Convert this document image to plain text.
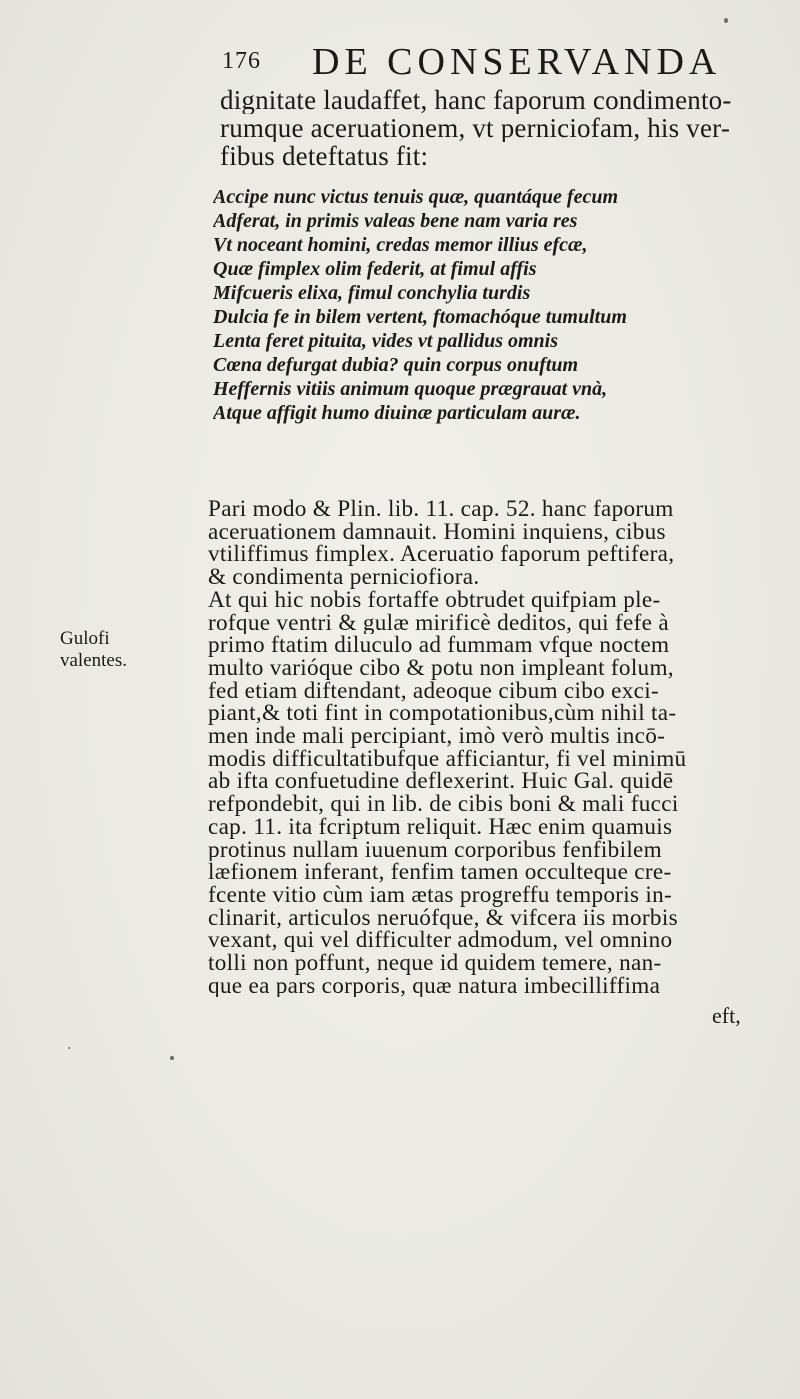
176 DE CONSERVANDA
dignitate laudaffet, hanc faporum condimento-
rumque aceruationem, vt perniciofam, his ver-
fibus deteftatus fit:
Accipe nunc victus tenuis quæ, quantáque fecum
Adferat, in primis valeas bene nam varia res
Vt noceant homini, credas memor illius efcæ,
Quæ fimplex olim federit, at fimul affis
Mifcueris elixa, fimul conchylia turdis
Dulcia fe in bilem vertent, ftomachóque tumultum
Lenta feret pituita, vides vt pallidus omnis
Cœna defurgat dubia? quin corpus onuftum
Heffernis vitiis animum quoque prægrauat vnà,
Atque affigit humo diuinæ particulam auræ.
Gulofi
valentes.
Pari modo & Plin. lib. 11. cap. 52. hanc faporum
aceruationem damnauit. Homini inquiens, cibus
vtiliffimus fimplex. Aceruatio faporum peftifera,
& condimenta perniciofiora.
At qui hic nobis fortaffe obtrudet quifpiam ple-
rofque ventri & gulæ mirificè deditos, qui fefe à
primo ftatim diluculo ad fummam vfque noctem
multo varióque cibo & potu non impleant folum,
fed etiam diftendant, adeoque cibum cibo exci-
piant,& toti fint in compotationibus,cùm nihil ta-
men inde mali percipiant, imò verò multis incō-
modis difficultatibufque afficiantur, fi vel minimū
ab ifta confuetudine deflexerint. Huic Gal. quidē
refpondebit, qui in lib. de cibis boni & mali fucci
cap. 11. ita fcriptum reliquit. Hæc enim quamuis
protinus nullam iuuenum corporibus fenfibilem
læfionem inferant, fenfim tamen occulteque cre-
fcente vitio cùm iam ætas progreffu temporis in-
clinarit, articulos neruófque, & vifcera iis morbis
vexant, qui vel difficulter admodum, vel omnino
tolli non poffunt, neque id quidem temere, nan-
que ea pars corporis, quæ natura imbecilliffima
eft,
